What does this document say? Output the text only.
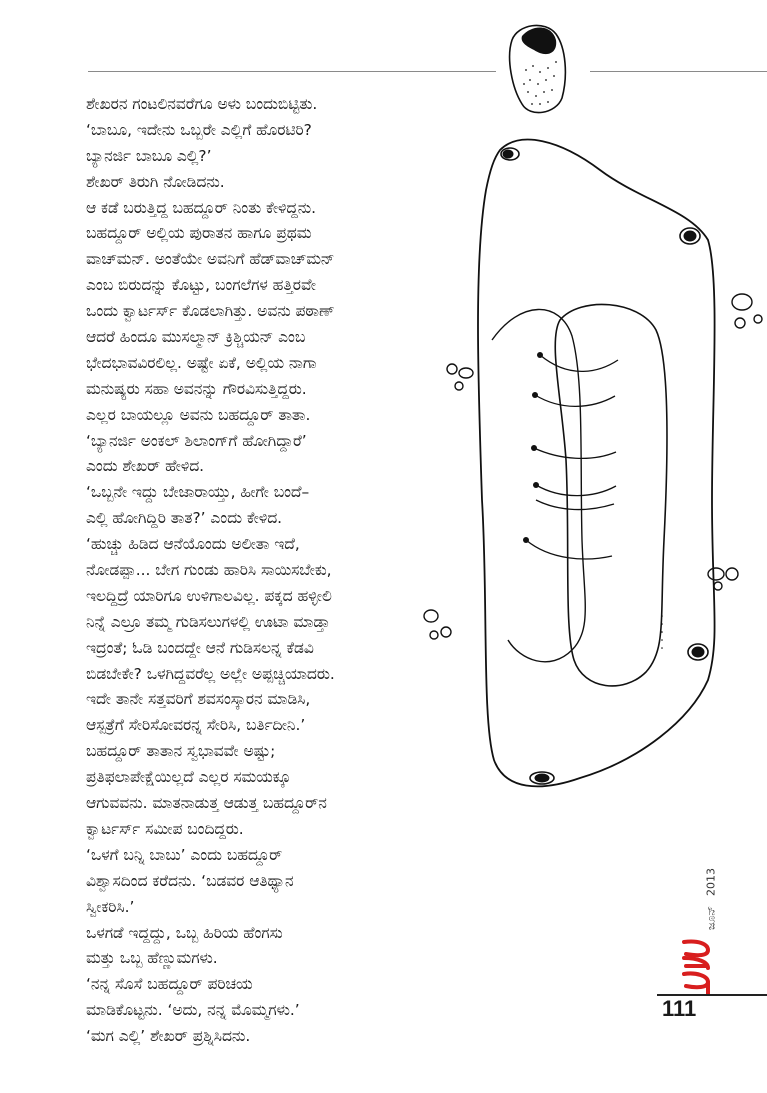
ಶೇಖರನ ಗಂಟಲಿನವರೆಗೂ ಅಳು ಬಂದುಬಿಟ್ಟಿತು.
‘ಬಾಬೂ, ಇದೇನು ಒಬ್ಬರೇ ಎಲ್ಲಿಗೆ ಹೊರಟಿರಿ?
ಬ್ಯಾನರ್ಜಿ ಬಾಬೂ ಎಲ್ಲಿ?’
ಶೇಖರ್ ತಿರುಗಿ ನೋಡಿದನು.
ಆ ಕಡೆ ಬರುತ್ತಿದ್ದ ಬಹದ್ದೂರ್ ನಿಂತು ಕೇಳಿದ್ದನು.
ಬಹದ್ದೂರ್ ಅಲ್ಲಿಯ ಪುರಾತನ ಹಾಗೂ ಪ್ರಥಮ
ವಾಚ್‌ಮನ್. ಅಂತೆಯೇ ಅವನಿಗೆ ಹೆಡ್‌ವಾಚ್‌ಮನ್
ಎಂಬ ಬಿರುದನ್ನು ಕೊಟ್ಟು, ಬಂಗಲೆಗಳ ಹತ್ತಿರವೇ
ಒಂದು ಕ್ವಾರ್ಟರ್ಸ್ ಕೊಡಲಾಗಿತ್ತು. ಅವನು ಪಠಾಣ್
ಆದರೆ ಹಿಂದೂ ಮುಸಲ್ಮಾನ್ ಕ್ರಿಶ್ಚಿಯನ್ ಎಂಬ
ಭೇದಭಾವವಿರಲಿಲ್ಲ. ಅಷ್ಟೇ ಏಕೆ, ಅಲ್ಲಿಯ ನಾಗಾ
ಮನುಷ್ಯರು ಸಹಾ ಅವನನ್ನು ಗೌರವಿಸುತ್ತಿದ್ದರು.
ಎಲ್ಲರ ಬಾಯಲ್ಲೂ ಅವನು ಬಹದ್ದೂರ್ ತಾತಾ.
‘ಬ್ಯಾನರ್ಜಿ ಅಂಕಲ್ ಶಿಲಾಂಗ್‌ಗೆ ಹೋಗಿದ್ದಾರೆ’
ಎಂದು ಶೇಖರ್ ಹೇಳಿದ.
‘ಒಬ್ಬನೇ ಇದ್ದು ಬೇಜಾರಾಯ್ತು, ಹೀಗೇ ಬಂದೆ–
ಎಲ್ಲಿ ಹೋಗಿದ್ದಿರಿ ತಾತ?’ ಎಂದು ಕೇಳಿದ.
‘ಹುಚ್ಚು ಹಿಡಿದ ಆನೆಯೊಂದು ಅಲೀತಾ ಇದೆ,
ನೋಡಪ್ಪಾ... ಬೇಗ ಗುಂಡು ಹಾರಿಸಿ ಸಾಯಿಸಬೇಕು,
ಇಲದ್ದಿದ್ರೆ ಯಾರಿಗೂ ಉಳಿಗಾಲವಿಲ್ಲ. ಪಕ್ಕದ ಹಳ್ಳೀಲಿ
ನಿನ್ನೆ ಎಲ್ರೂ ತಮ್ಮ ಗುಡಿಸಲುಗಳಲ್ಲಿ ಊಟಾ ಮಾಡ್ತಾ
ಇದ್ರಂತೆ; ಓಡಿ ಬಂದದ್ದೇ ಆನೆ ಗುಡಿಸಲನ್ನ ಕೆಡವಿ
ಬಿಡಬೇಕೇ? ಒಳಗಿದ್ದವರೆಲ್ಲ ಅಲ್ಲೇ ಅಪ್ಪಚ್ಚಿಯಾದರು.
ಇದೇ ತಾನೇ ಸತ್ತವರಿಗೆ ಶವಸಂಸ್ಕಾರನ ಮಾಡಿಸಿ,
ಆಸ್ಪತ್ರೆಗೆ ಸೇರಿಸೋವರನ್ನ ಸೇರಿಸಿ, ಬರ್ತಿದೀನಿ.’
ಬಹದ್ದೂರ್ ತಾತಾನ ಸ್ವಭಾವವೇ ಅಷ್ಟು;
ಪ್ರತಿಫಲಾಪೇಕ್ಷೆಯಿಲ್ಲದೆ ಎಲ್ಲರ ಸಮಯಕ್ಕೂ
ಆಗುವವನು. ಮಾತನಾಡುತ್ತ ಆಡುತ್ತ ಬಹದ್ದೂರ್‌ನ
ಕ್ವಾರ್ಟರ್ಸ್ ಸಮೀಪ ಬಂದಿದ್ದರು.
‘ಒಳಗೆ ಬನ್ನಿ ಬಾಬು’ ಎಂದು ಬಹದ್ದೂರ್
ವಿಶ್ವಾಸದಿಂದ ಕರೆದನು. ‘ಬಡವರ ಆತಿಥ್ಯಾನ
ಸ್ವೀಕರಿಸಿ.’
ಒಳಗಡೆ ಇದ್ದದ್ದು, ಒಬ್ಬ ಹಿರಿಯ ಹೆಂಗಸು
ಮತ್ತು ಒಬ್ಬ ಹೆಣ್ಣುಮಗಳು.
‘ನನ್ನ ಸೊಸೆ ಬಹದ್ದೂರ್ ಪರಿಚಯ
ಮಾಡಿಕೊಟ್ಟನು. ‘ಅದು, ನನ್ನ ಮೊಮ್ಮಗಳು.’
‘ಮಗ ಎಲ್ಲಿ’ ಶೇಖರ್ ಪ್ರಶ್ನಿಸಿದನು.
ಜೂನ್
2013
111
